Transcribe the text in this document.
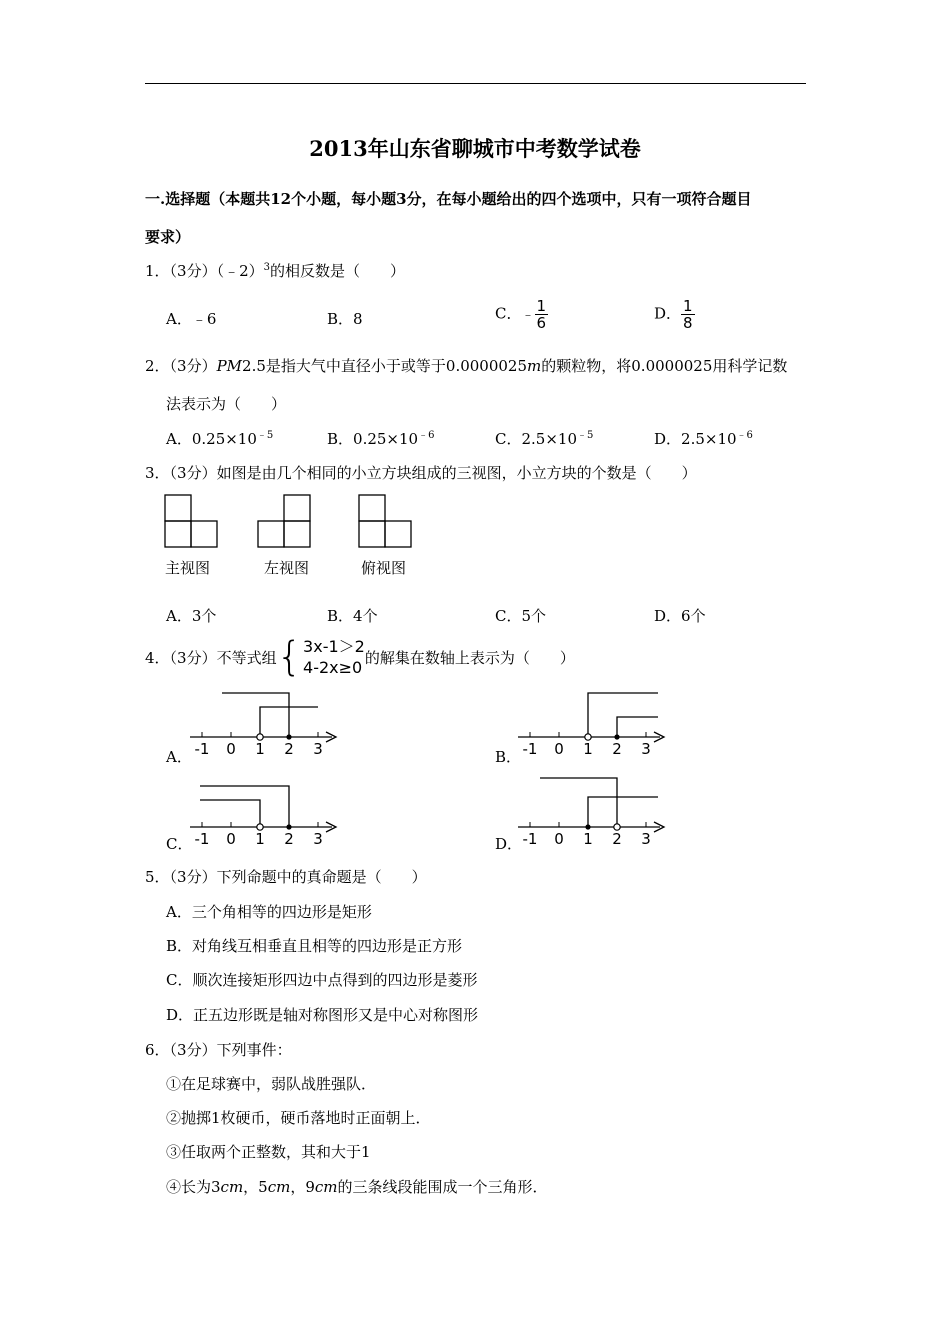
2013年山东省聊城市中考数学试卷
一.选择题（本题共12个小题，每小题3分，在每小题给出的四个选项中，只有一项符合题目
要求）
1．（3分）（﹣2）$^3$的相反数是（　　）
A．﹣6	B．8	C．﹣ $\frac{1}{6}$	D． $\frac{1}{8}$
2．（3分）PM2.5是指大气中直径小于或等于0.0000025m的颗粒物，将0.0000025用科学记数
法表示为（　　）
A．$0.25\times 10^{﹣5}$	B．$0.25\times 10^{﹣6}$	C．$2.5\times 10^{﹣5}$	D．$2.5\times 10^{﹣6}$
3．（3分）如图是由几个相同的小立方块组成的三视图，小立方块的个数是（　　）
主视图	左视图	俯视图
A．3个	B．4个	C．5个	D．6个
4．（3分）不等式组 { 3x-1＞2
4-2x≥0
的解集在数轴上表示为（　　）
A． -1 0 1 2 3	B． -1 0 1 2 3
C． -1 0 1 2 3	D． -1 0 1 2 3
5．（3分）下列命题中的真命题是（　　）
A．三个角相等的四边形是矩形
B．对角线互相垂直且相等的四边形是正方形
C．顺次连接矩形四边中点得到的四边形是菱形
D．正五边形既是轴对称图形又是中心对称图形
6．（3分）下列事件：
①在足球赛中，弱队战胜强队．
②抛掷1枚硬币，硬币落地时正面朝上．
③任取两个正整数，其和大于1
④长为3cm，5cm，9cm的三条线段能围成一个三角形．
